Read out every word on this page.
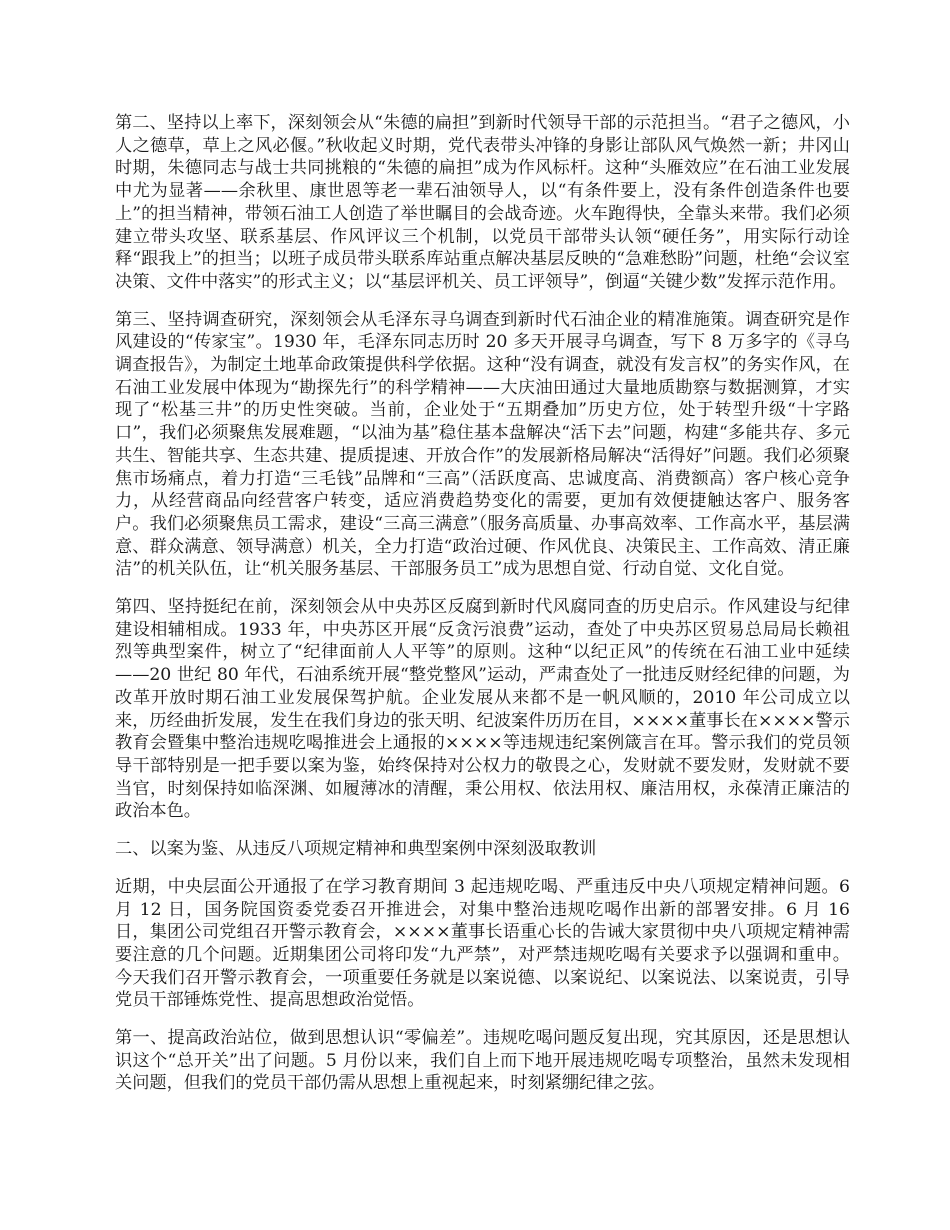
第二、坚持以上率下，深刻领会从“朱德的扁担”到新时代领导干部的示范担当。“君子之德风，小人之德草，草上之风必偃。”秋收起义时期，党代表带头冲锋的身影让部队风气焕然一新；井冈山时期，朱德同志与战士共同挑粮的“朱德的扁担”成为作风标杆。这种“头雁效应”在石油工业发展中尤为显著——余秋里、康世恩等老一辈石油领导人，以“有条件要上，没有条件创造条件也要上”的担当精神，带领石油工人创造了举世瞩目的会战奇迹。火车跑得快，全靠头来带。我们必须建立带头攻坚、联系基层、作风评议三个机制，以党员干部带头认领“硬任务”，用实际行动诠释“跟我上”的担当；以班子成员带头联系库站重点解决基层反映的“急难愁盼”问题，杜绝“会议室决策、文件中落实”的形式主义；以“基层评机关、员工评领导”，倒逼“关键少数”发挥示范作用。

第三、坚持调查研究，深刻领会从毛泽东寻乌调查到新时代石油企业的精准施策。调查研究是作风建设的“传家宝”。1930 年，毛泽东同志历时 20 多天开展寻乌调查，写下 8 万多字的《寻乌调查报告》，为制定土地革命政策提供科学依据。这种“没有调查，就没有发言权”的务实作风，在石油工业发展中体现为“勘探先行”的科学精神——大庆油田通过大量地质勘察与数据测算，才实现了“松基三井”的历史性突破。当前，企业处于“五期叠加”历史方位，处于转型升级“十字路口”，我们必须聚焦发展难题，“以油为基”稳住基本盘解决“活下去”问题，构建“多能共存、多元共生、智能共享、生态共建、提质提速、开放合作”的发展新格局解决“活得好”问题。我们必须聚焦市场痛点，着力打造“三毛钱”品牌和“三高”（活跃度高、忠诚度高、消费额高）客户核心竞争力，从经营商品向经营客户转变，适应消费趋势变化的需要，更加有效便捷触达客户、服务客户。我们必须聚焦员工需求，建设“三高三满意”（服务高质量、办事高效率、工作高水平，基层满意、群众满意、领导满意）机关，全力打造“政治过硬、作风优良、决策民主、工作高效、清正廉洁”的机关队伍，让“机关服务基层、干部服务员工”成为思想自觉、行动自觉、文化自觉。

第四、坚持挺纪在前，深刻领会从中央苏区反腐到新时代风腐同查的历史启示。作风建设与纪律建设相辅相成。1933 年，中央苏区开展“反贪污浪费”运动，查处了中央苏区贸易总局局长赖祖烈等典型案件，树立了“纪律面前人人平等”的原则。这种“以纪正风”的传统在石油工业中延续——20 世纪 80 年代，石油系统开展“整党整风”运动，严肃查处了一批违反财经纪律的问题，为改革开放时期石油工业发展保驾护航。企业发展从来都不是一帆风顺的，2010 年公司成立以来，历经曲折发展，发生在我们身边的张天明、纪波案件历历在目，××××董事长在××××警示教育会暨集中整治违规吃喝推进会上通报的××××等违规违纪案例箴言在耳。警示我们的党员领导干部特别是一把手要以案为鉴，始终保持对公权力的敬畏之心，发财就不要发财，发财就不要当官，时刻保持如临深渊、如履薄冰的清醒，秉公用权、依法用权、廉洁用权，永葆清正廉洁的政治本色。

二、以案为鉴、从违反八项规定精神和典型案例中深刻汲取教训

近期，中央层面公开通报了在学习教育期间 3 起违规吃喝、严重违反中央八项规定精神问题。6 月 12 日，国务院国资委党委召开推进会，对集中整治违规吃喝作出新的部署安排。6 月 16 日，集团公司党组召开警示教育会，××××董事长语重心长的告诫大家贯彻中央八项规定精神需要注意的几个问题。近期集团公司将印发“九严禁”，对严禁违规吃喝有关要求予以强调和重申。今天我们召开警示教育会，一项重要任务就是以案说德、以案说纪、以案说法、以案说责，引导党员干部锤炼党性、提高思想政治觉悟。

第一、提高政治站位，做到思想认识“零偏差”。违规吃喝问题反复出现，究其原因，还是思想认识这个“总开关”出了问题。5 月份以来，我们自上而下地开展违规吃喝专项整治，虽然未发现相关问题，但我们的党员干部仍需从思想上重视起来，时刻紧绷纪律之弦。
